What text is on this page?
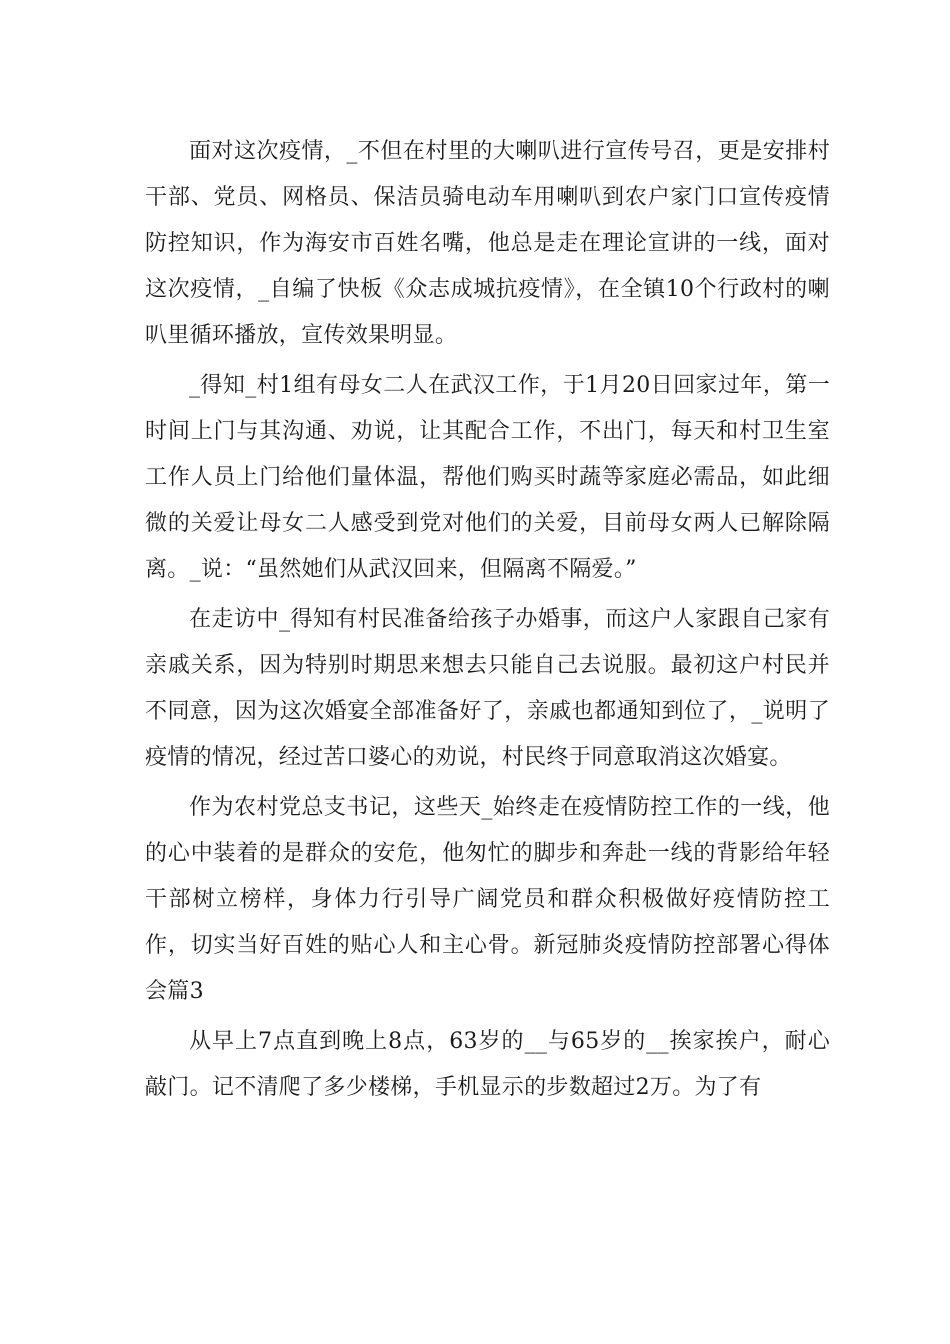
面对这次疫情，_不但在村里的大喇叭进行宣传号召，更是安排村干部、党员、网格员、保洁员骑电动车用喇叭到农户家门口宣传疫情防控知识，作为海安市百姓名嘴，他总是走在理论宣讲的一线，面对这次疫情，_自编了快板《众志成城抗疫情》，在全镇10个行政村的喇叭里循环播放，宣传效果明显。

_得知_村1组有母女二人在武汉工作，于1月20日回家过年，第一时间上门与其沟通、劝说，让其配合工作，不出门，每天和村卫生室工作人员上门给他们量体温，帮他们购买时蔬等家庭必需品，如此细微的关爱让母女二人感受到党对他们的关爱，目前母女两人已解除隔离。_说：“虽然她们从武汉回来，但隔离不隔爱。”

在走访中_得知有村民准备给孩子办婚事，而这户人家跟自己家有亲戚关系，因为特别时期思来想去只能自己去说服。最初这户村民并不同意，因为这次婚宴全部准备好了，亲戚也都通知到位了，_说明了疫情的情况，经过苦口婆心的劝说，村民终于同意取消这次婚宴。

作为农村党总支书记，这些天_始终走在疫情防控工作的一线，他的心中装着的是群众的安危，他匆忙的脚步和奔赴一线的背影给年轻干部树立榜样，身体力行引导广阔党员和群众积极做好疫情防控工作，切实当好百姓的贴心人和主心骨。新冠肺炎疫情防控部署心得体会篇3

从早上7点直到晚上8点，63岁的__与65岁的__挨家挨户，耐心敲门。记不清爬了多少楼梯，手机显示的步数超过2万。为了有
